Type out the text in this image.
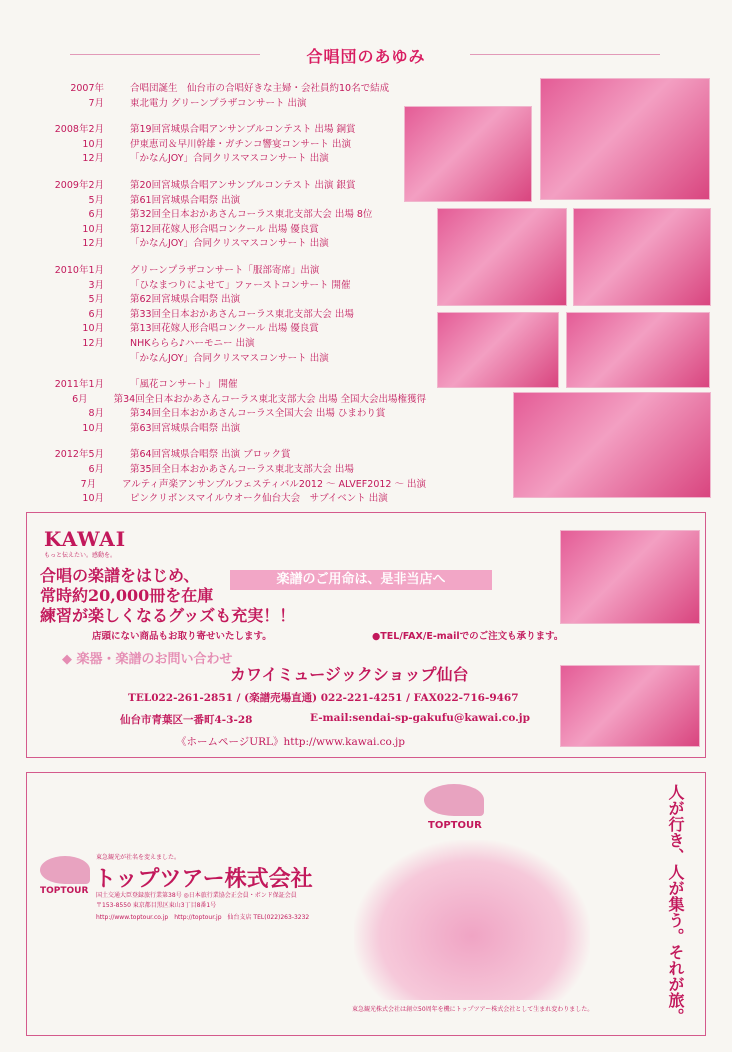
合唱団のあゆみ
2007年	合唱団誕生　仙台市の合唱好きな主婦・会社員約10名で結成
7月	東北電力 グリーンプラザコンサート 出演
2008年2月	第19回宮城県合唱アンサンブルコンテスト 出場 銅賞
10月	伊東恵司＆早川幹雄・ガチンコ響宴コンサート 出演
12月	「かなんJOY」合同クリスマスコンサート 出演
2009年2月	第20回宮城県合唱アンサンブルコンテスト 出演 銀賞
5月	第61回宮城県合唱祭 出演
6月	第32回全日本おかあさんコーラス東北支部大会 出場 8位
10月	第12回花嫁人形合唱コンクール 出場 優良賞
12月	「かなんJOY」合同クリスマスコンサート 出演
2010年1月	グリーンプラザコンサート「服部寄席」出演
3月	「ひなまつりによせて」ファーストコンサート 開催
5月	第62回宮城県合唱祭 出演
6月	第33回全日本おかあさんコーラス東北支部大会 出場
10月	第13回花嫁人形合唱コンクール 出場 優良賞
12月	NHKららら♪ハーモニー 出演
「かなんJOY」合同クリスマスコンサート 出演
2011年1月	「風花コンサート」 開催
6月	第34回全日本おかあさんコーラス東北支部大会 出場 全国大会出場権獲得
8月	第34回全日本おかあさんコーラス全国大会 出場 ひまわり賞
10月	第63回宮城県合唱祭 出演
2012年5月	第64回宮城県合唱祭 出演 ブロック賞
6月	第35回全日本おかあさんコーラス東北支部大会 出場
7月	アルティ声楽アンサンブルフェスティバル2012 〜 ALVEF2012 〜 出演
10月	ピンクリボンスマイルウオーク仙台大会　サブイベント 出演
KAWAI
もっと伝えたい。感動を。
合唱の楽譜をはじめ、
常時約20,000冊を在庫
練習が楽しくなるグッズも充実！！
楽譜のご用命は、是非当店へ
店頭にない商品もお取り寄せいたします。	●TEL/FAX/E-mailでのご注文も承ります。
◆ 楽器・楽譜のお問い合わせ
カワイミュージックショップ仙台
TEL022-261-2851 / (楽譜売場直通) 022-221-4251 / FAX022-716-9467
仙台市青葉区一番町4-3-28	E-mail:sendai-sp-gakufu@kawai.co.jp
《ホームページURL》http://www.kawai.co.jp
TOPTOUR
TOPTOUR
東急観光が社名を変えました。
トップツアー株式会社
国土交通大臣登録旅行業第38号 ◎日本旅行業協会正会員・ボンド保証会員
〒153-8550 東京都目黒区東山3丁目8番1号
http://www.toptour.co.jp　http://toptour.jp　仙台支店 TEL(022)263-3232
東急観光株式会社は創立50周年を機にトップツアー株式会社として生まれ変わりました。	人が行き、人が集う。それが旅。
